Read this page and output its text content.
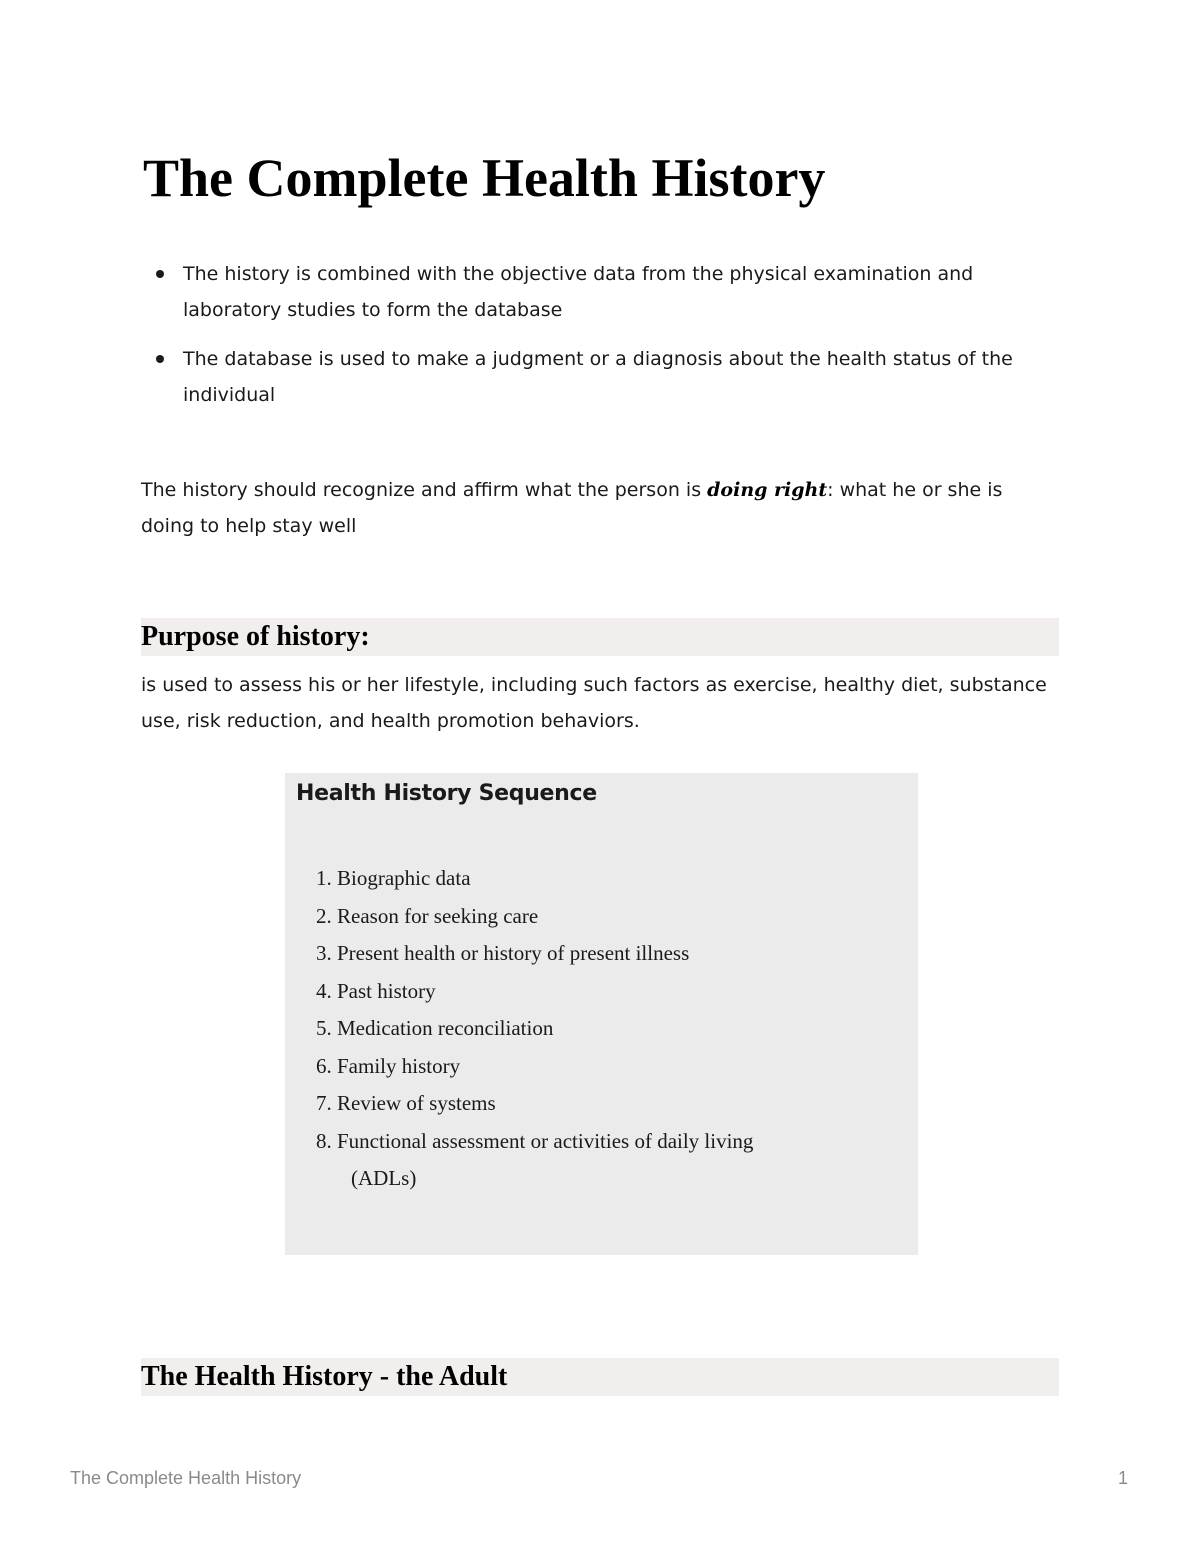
The Complete Health History
The history is combined with the objective data from the physical examination and laboratory studies to form the database
The database is used to make a judgment or a diagnosis about the health status of the individual

The history should recognize and affirm what the person is doing right: what he or she is doing to help stay well

Purpose of history:

is used to assess his or her lifestyle, including such factors as exercise, healthy diet, substance use, risk reduction, and health promotion behaviors.

Health History Sequence
1. Biographic data
2. Reason for seeking care
3. Present health or history of present illness
4. Past history
5. Medication reconciliation
6. Family history
7. Review of systems
8. Functional assessment or activities of daily living
(ADLs)
The Health History - the Adult
The Complete Health History	1
